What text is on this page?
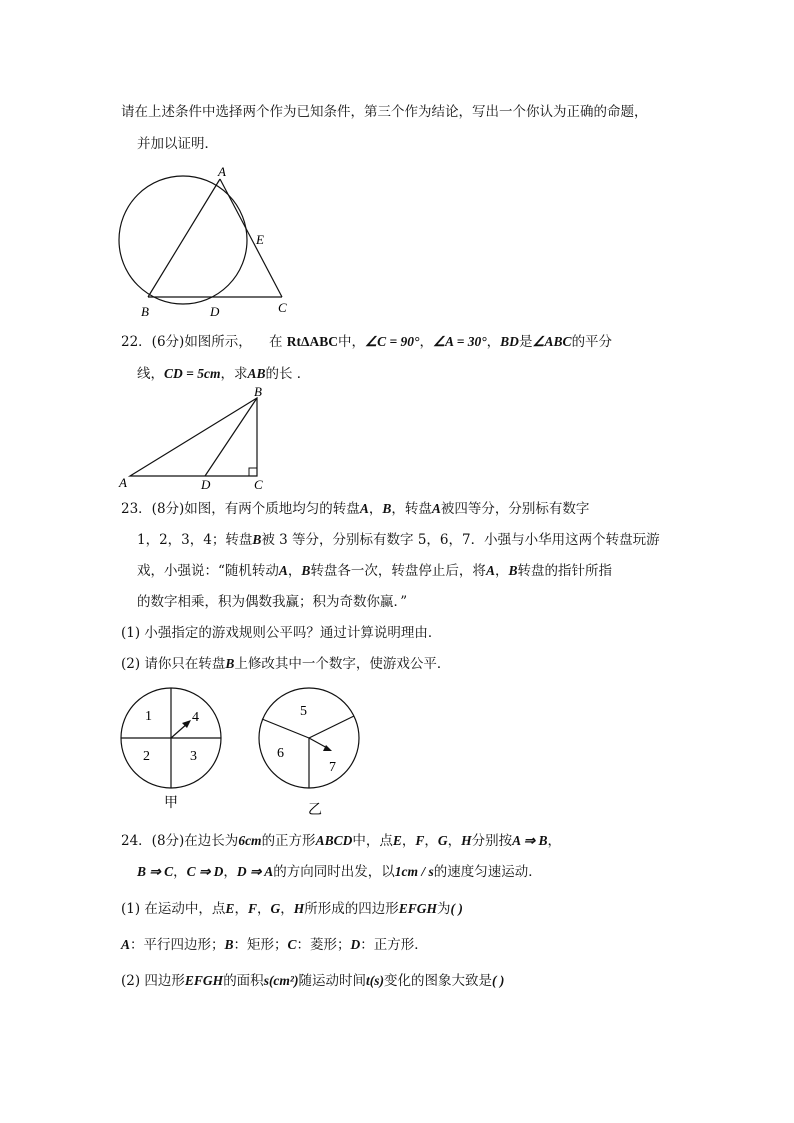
请在上述条件中选择两个作为已知条件，第三个作为结论，写出一个你认为正确的命题，
并加以证明．
A
E
B	D	C
22．(6分)如图所示， 在 RtΔABC中，∠C = 90°，∠A = 30°，BD是∠ABC的平分
线，CD = 5cm，求AB的长 ．
B
A	D	C
23．(8分)如图，有两个质地均匀的转盘A，B，转盘A被四等分，分别标有数字
1，2，3，4；转盘B被 3 等分，分别标有数字 5，6，7．小强与小华用这两个转盘玩游
戏，小强说：“随机转动A，B转盘各一次，转盘停止后，将A，B转盘的指针所指
的数字相乘，积为偶数我赢；积为奇数你赢．”
(1) 小强指定的游戏规则公平吗？通过计算说明理由．
(2) 请你只在转盘B上修改其中一个数字，使游戏公平．
1	4
2	3
甲
5
6
7
乙
24．(8分)在边长为6cm的正方形ABCD中，点E，F，G，H分别按A ⇒ B，
B ⇒ C，C ⇒ D，D ⇒ A的方向同时出发，以1cm / s的速度匀速运动．
(1) 在运动中，点E，F，G，H所形成的四边形EFGH为( )
A：平行四边形；B：矩形；C：菱形；D：正方形．
(2) 四边形EFGH的面积s(cm²)随运动时间t(s)变化的图象大致是( )
